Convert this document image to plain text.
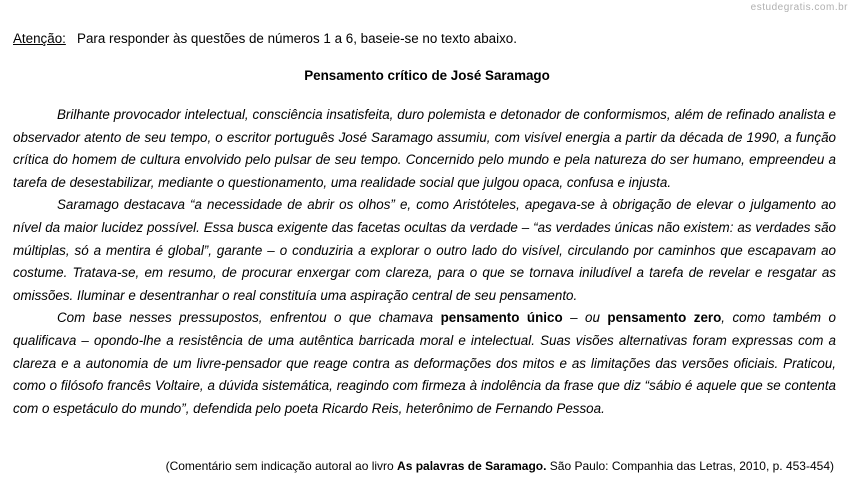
estudegratis.com.br
Atenção: Para responder às questões de números 1 a 6, baseie-se no texto abaixo.
Pensamento crítico de José Saramago

Brilhante provocador intelectual, consciência insatisfeita, duro polemista e detonador de conformismos, além de refinado analista e observador atento de seu tempo, o escritor português José Saramago assumiu, com visível energia a partir da década de 1990, a função crítica do homem de cultura envolvido pelo pulsar de seu tempo. Concernido pelo mundo e pela natureza do ser humano, empreendeu a tarefa de desestabilizar, mediante o questionamento, uma realidade social que julgou opaca, confusa e injusta.

Saramago destacava “a necessidade de abrir os olhos” e, como Aristóteles, apegava-se à obrigação de elevar o julgamento ao nível da maior lucidez possível. Essa busca exigente das facetas ocultas da verdade – “as verdades únicas não existem: as verdades são múltiplas, só a mentira é global”, garante – o conduziria a explorar o outro lado do visível, circulando por caminhos que escapavam ao costume. Tratava-se, em resumo, de procurar enxergar com clareza, para o que se tornava iniludível a tarefa de revelar e resgatar as omissões. Iluminar e desentranhar o real constituía uma aspiração central de seu pensamento.

Com base nesses pressupostos, enfrentou o que chamava pensamento único – ou pensamento zero, como também o qualificava – opondo-lhe a resistência de uma autêntica barricada moral e intelectual. Suas visões alternativas foram expressas com a clareza e a autonomia de um livre-pensador que reage contra as deformações dos mitos e as limitações das versões oficiais. Praticou, como o filósofo francês Voltaire, a dúvida sistemática, reagindo com firmeza à indolência da frase que diz “sábio é aquele que se contenta com o espetáculo do mundo”, defendida pelo poeta Ricardo Reis, heterônimo de Fernando Pessoa.

(Comentário sem indicação autoral ao livro As palavras de Saramago. São Paulo: Companhia das Letras, 2010, p. 453-454)
